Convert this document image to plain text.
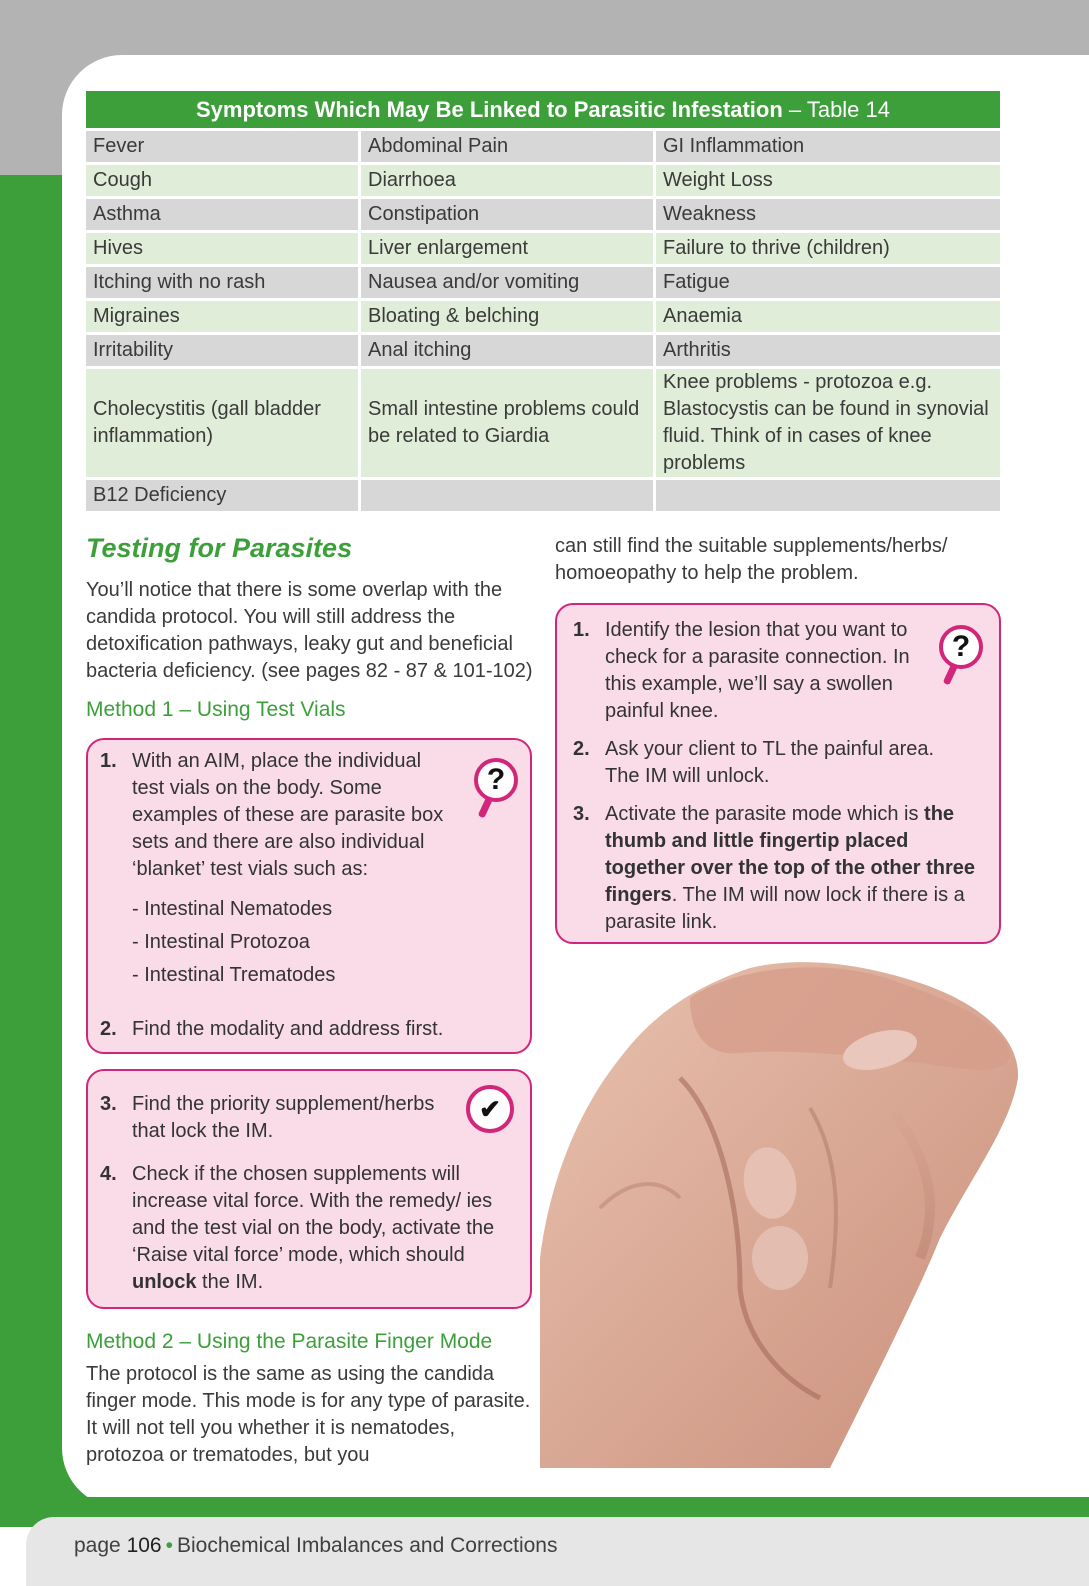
Symptoms Which May Be Linked to Parasitic Infestation – Table 14
Fever	Abdominal Pain	GI Inflammation
Cough	Diarrhoea	Weight Loss
Asthma	Constipation	Weakness
Hives	Liver enlargement	Failure to thrive (children)
Itching with no rash	Nausea and/or vomiting	Fatigue
Migraines	Bloating & belching	Anaemia
Irritability	Anal itching	Arthritis
Cholecystitis (gall bladder inflammation)	Small intestine problems could be related to Giardia	Knee problems - protozoa e.g. Blastocystis can be found in synovial fluid. Think of in cases of knee problems
B12 Deficiency		
Testing for Parasites
You’ll notice that there is some overlap with the candida protocol. You will still address the detoxification pathways, leaky gut and beneficial bacteria deficiency. (see pages 82 - 87 & 101-102)
Method 1 – Using Test Vials
1. With an AIM, place the individual test vials on the body. Some examples of these are parasite box sets and there are also individual ‘blanket’ test vials such as:
- Intestinal Nematodes
- Intestinal Protozoa
- Intestinal Trematodes
2. Find the modality and address first.
?
3. Find the priority supplement/herbs that lock the IM.
4. Check if the chosen supplements will increase vital force. With the remedy/ ies and the test vial on the body, activate the ‘Raise vital force’ mode, which should unlock the IM.
✔
Method 2 – Using the Parasite Finger Mode
The protocol is the same as using the candida finger mode. This mode is for any type of parasite. It will not tell you whether it is nematodes, protozoa or trematodes, but you
can still find the suitable supplements/herbs/ homoeopathy to help the problem.
1. Identify the lesion that you want to check for a parasite connection. In this example, we’ll say a swollen painful knee.
2. Ask your client to TL the painful area. The IM will unlock.
3. Activate the parasite mode which is the thumb and little fingertip placed together over the top of the other three fingers. The IM will now lock if there is a parasite link.
?
page 106 • Biochemical Imbalances and Corrections
